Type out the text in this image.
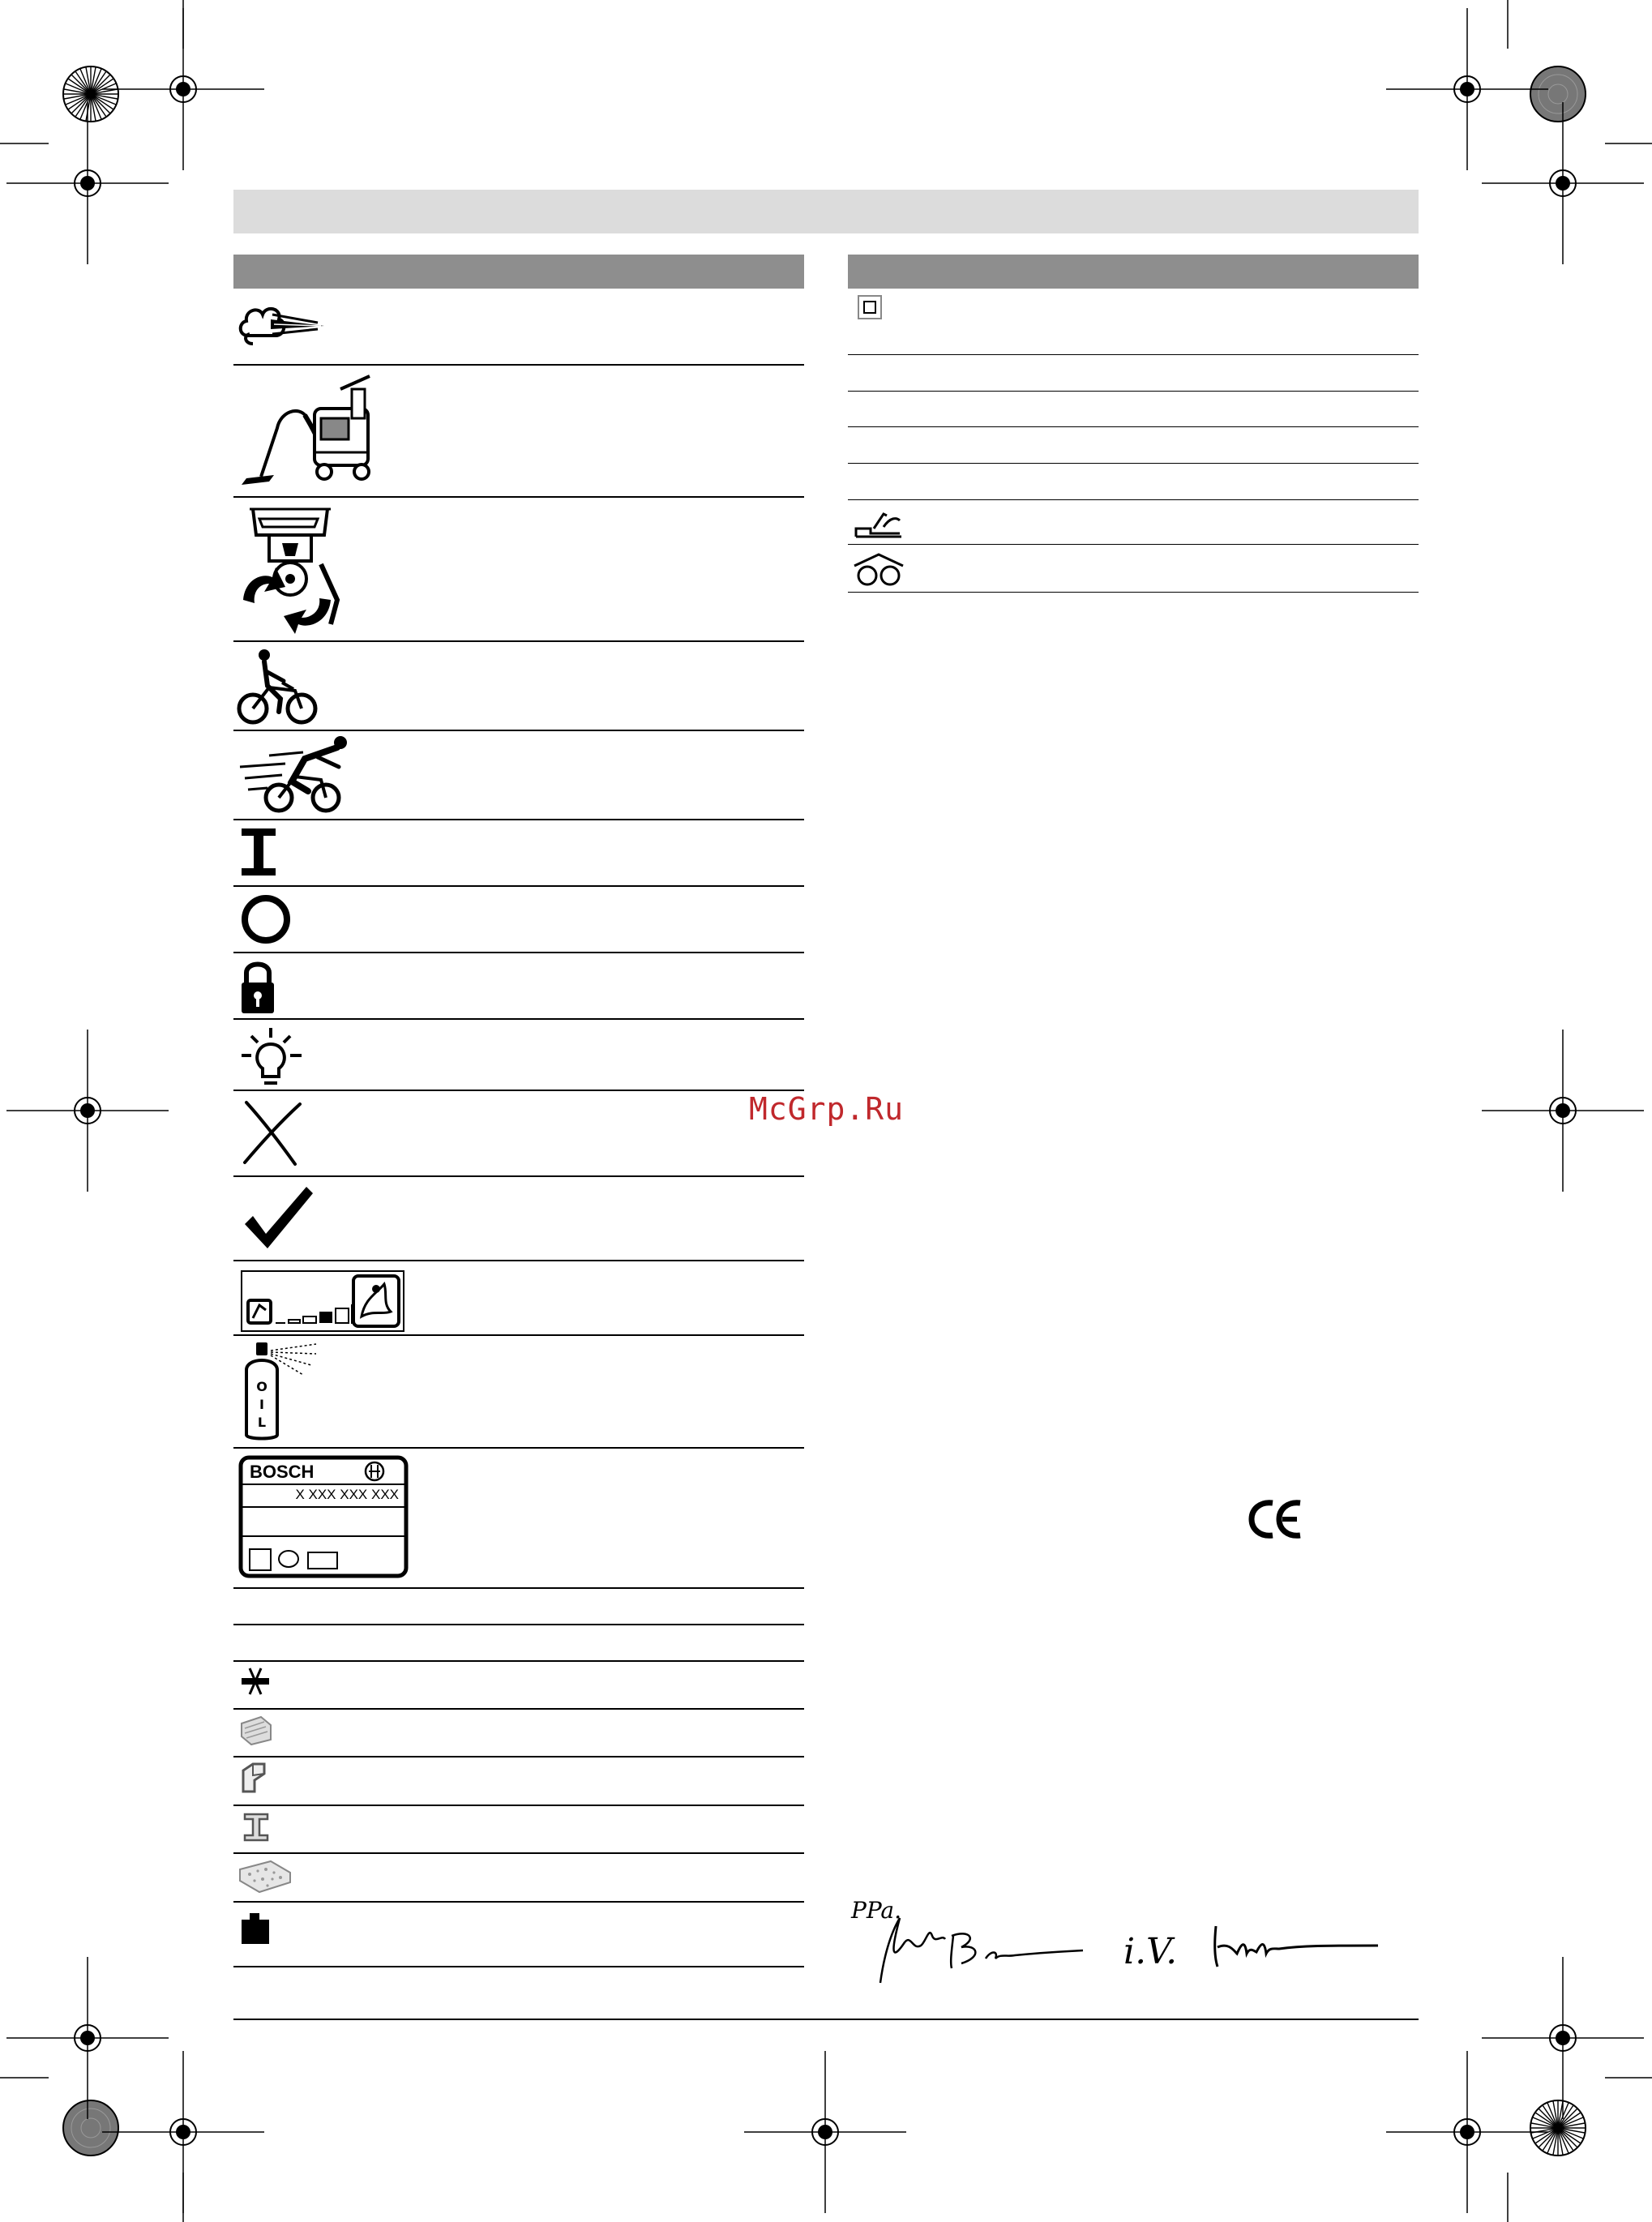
O
I
L
BOSCH
X XXX XXX XXX
McGrp.Ru
PPa.
i.V.
